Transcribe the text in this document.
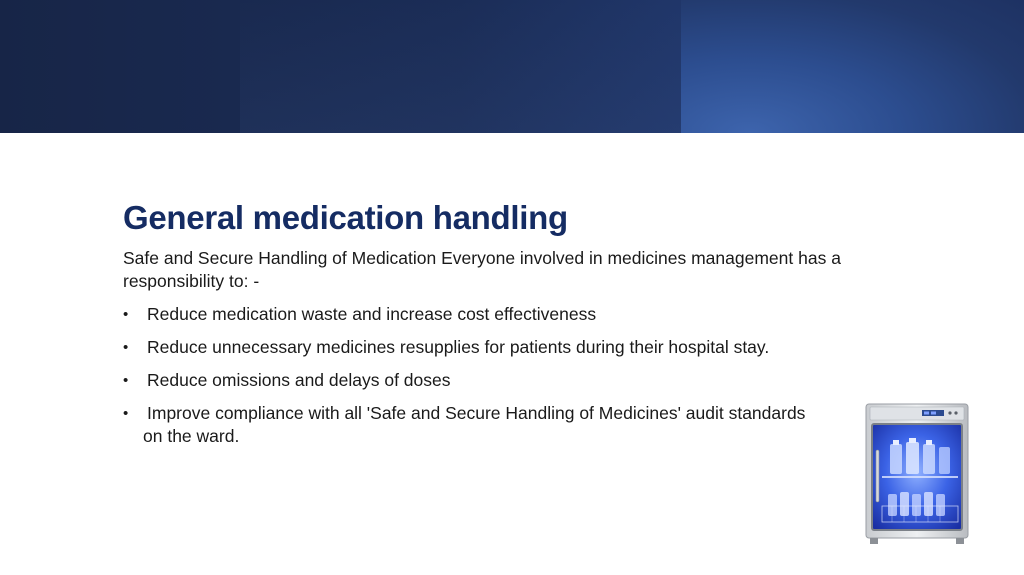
General medication handling

Safe and Secure Handling of Medication Everyone involved in medicines management has a responsibility to: -

•	Reduce medication waste and increase cost effectiveness
•	Reduce unnecessary medicines resupplies for patients during their hospital stay.
•	Reduce omissions and delays of doses
•	Improve compliance with all 'Safe and Secure Handling of Medicines' audit standards on the ward.
